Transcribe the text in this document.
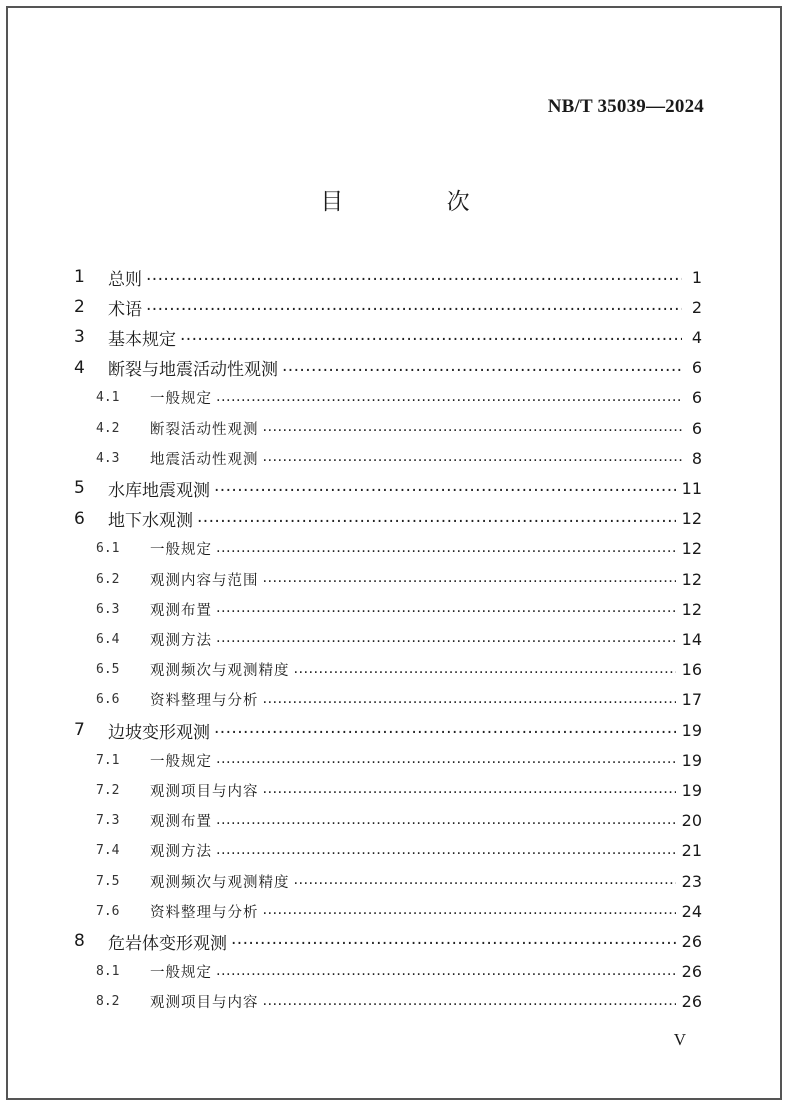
NB/T 35039—2024
目 次
1	总则 ·····	1
2	术语 ·····	2
3	基本规定 ·····	4
4	断裂与地震活动性观测 ·····	6
4.1	一般规定 ·····	6
4.2	断裂活动性观测 ·····	6
4.3	地震活动性观测 ·····	8
5	水库地震观测 ·····	11
6	地下水观测 ·····	12
6.1	一般规定 ·····	12
6.2	观测内容与范围 ·····	12
6.3	观测布置 ·····	12
6.4	观测方法 ·····	14
6.5	观测频次与观测精度 ·····	16
6.6	资料整理与分析 ·····	17
7	边坡变形观测 ·····	19
7.1	一般规定 ·····	19
7.2	观测项目与内容 ·····	19
7.3	观测布置 ·····	20
7.4	观测方法 ·····	21
7.5	观测频次与观测精度 ·····	23
7.6	资料整理与分析 ·····	24
8	危岩体变形观测 ·····	26
8.1	一般规定 ·····	26
8.2	观测项目与内容 ·····	26
V
